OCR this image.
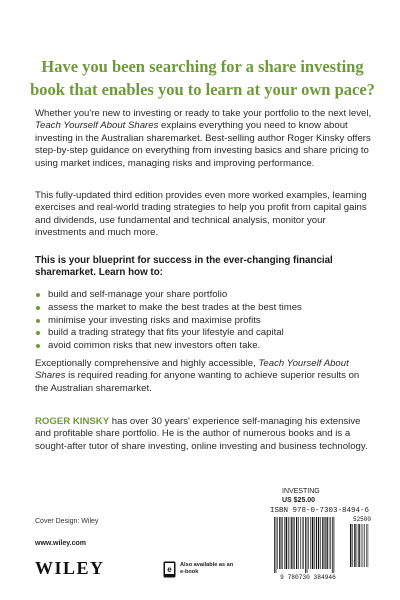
Have you been searching for a share investing book that enables you to learn at your own pace?

Whether you're new to investing or ready to take your portfolio to the next level, Teach Yourself About Shares explains everything you need to know about investing in the Australian sharemarket. Best-selling author Roger Kinsky offers step-by-step guidance on everything from investing basics and share pricing to using market indices, managing risks and improving performance.

This fully-updated third edition provides even more worked examples, learning exercises and real-world trading strategies to help you profit from capital gains and dividends, use fundamental and technical analysis, monitor your investments and much more.

This is your blueprint for success in the ever-changing financial sharemarket. Learn how to:

build and self-manage your share portfolio
assess the market to make the best trades at the best times
minimise your investing risks and maximise profits
build a trading strategy that fits your lifestyle and capital
avoid common risks that new investors often take.

Exceptionally comprehensive and highly accessible, Teach Yourself About Shares is required reading for anyone wanting to achieve superior results on the Australian sharemarket.

ROGER KINSKY has over 30 years' experience self-managing his extensive and profitable share portfolio. He is the author of numerous books and is a sought-after tutor of share investing, online investing and business technology.

INVESTING
US $25.00
ISBN 978-0-7303-8494-6
52500
9 780730 384946
Cover Design: Wiley
www.wiley.com
WILEY	e Also available as an e-book
